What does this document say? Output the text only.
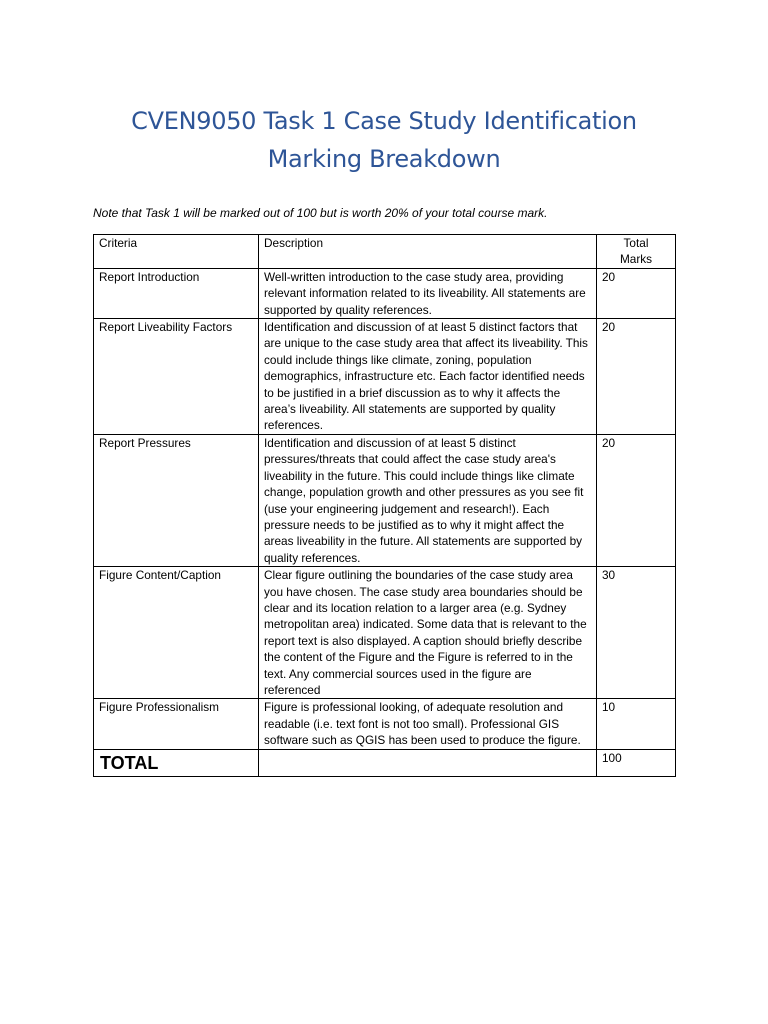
CVEN9050 Task 1 Case Study Identification
Marking Breakdown
Note that Task 1 will be marked out of 100 but is worth 20% of your total course mark.
Criteria	Description	Total
Marks

Report Introduction	Well-written introduction to the case study area, providing relevant information related to its liveability. All statements are supported by quality references.	20
Report Liveability Factors	Identification and discussion of at least 5 distinct factors that are unique to the case study area that affect its liveability. This could include things like climate, zoning, population demographics, infrastructure etc. Each factor identified needs to be justified in a brief discussion as to why it affects the area’s liveability. All statements are supported by quality references.	20
Report Pressures	Identification and discussion of at least 5 distinct pressures/threats that could affect the case study area's liveability in the future. This could include things like climate change, population growth and other pressures as you see fit (use your engineering judgement and research!). Each pressure needs to be justified as to why it might affect the areas liveability in the future. All statements are supported by quality references.	20
Figure Content/Caption	Clear figure outlining the boundaries of the case study area you have chosen. The case study area boundaries should be clear and its location relation to a larger area (e.g. Sydney metropolitan area) indicated. Some data that is relevant to the report text is also displayed. A caption should briefly describe the content of the Figure and the Figure is referred to in the text. Any commercial sources used in the figure are referenced	30
Figure Professionalism	Figure is professional looking, of adequate resolution and readable (i.e. text font is not too small). Professional GIS software such as QGIS has been used to produce the figure.	10
TOTAL		100
